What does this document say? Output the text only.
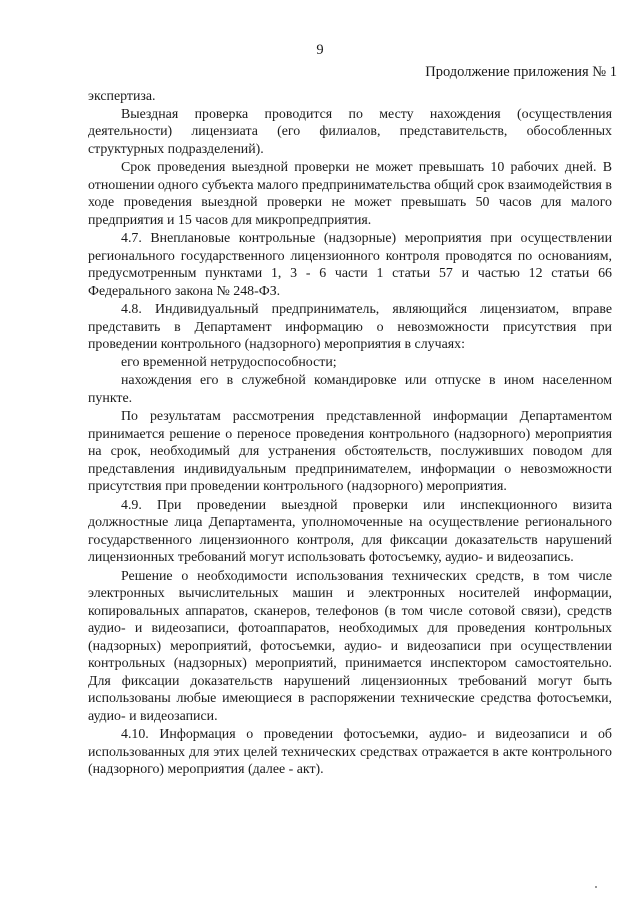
9
Продолжение приложения № 1

экспертиза.

Выездная проверка проводится по месту нахождения (осуществления деятельности) лицензиата (его филиалов, представительств, обособленных структурных подразделений).

Срок проведения выездной проверки не может превышать 10 рабочих дней. В отношении одного субъекта малого предпринимательства общий срок взаимодействия в ходе проведения выездной проверки не может превышать 50 часов для малого предприятия и 15 часов для микропредприятия.

4.7. Внеплановые контрольные (надзорные) мероприятия при осуществлении регионального государственного лицензионного контроля проводятся по основаниям, предусмотренным пунктами 1, 3 - 6 части 1 статьи 57 и частью 12 статьи 66 Федерального закона № 248-ФЗ.

4.8. Индивидуальный предприниматель, являющийся лицензиатом, вправе представить в Департамент информацию о невозможности присутствия при проведении контрольного (надзорного) мероприятия в случаях:

его временной нетрудоспособности;

нахождения его в служебной командировке или отпуске в ином населенном пункте.

По результатам рассмотрения представленной информации Департаментом принимается решение о переносе проведения контрольного (надзорного) мероприятия на срок, необходимый для устранения обстоятельств, послуживших поводом для представления индивидуальным предпринимателем, информации о невозможности присутствия при проведении контрольного (надзорного) мероприятия.

4.9. При проведении выездной проверки или инспекционного визита должностные лица Департамента, уполномоченные на осуществление регионального государственного лицензионного контроля, для фиксации доказательств нарушений лицензионных требований могут использовать фотосъемку, аудио- и видеозапись.

Решение о необходимости использования технических средств, в том числе электронных вычислительных машин и электронных носителей информации, копировальных аппаратов, сканеров, телефонов (в том числе сотовой связи), средств аудио- и видеозаписи, фотоаппаратов, необходимых для проведения контрольных (надзорных) мероприятий, фотосъемки, аудио- и видеозаписи при осуществлении контрольных (надзорных) мероприятий, принимается инспектором самостоятельно. Для фиксации доказательств нарушений лицензионных требований могут быть использованы любые имеющиеся в распоряжении технические средства фотосъемки, аудио- и видеозаписи.

4.10. Информация о проведении фотосъемки, аудио- и видеозаписи и об использованных для этих целей технических средствах отражается в акте контрольного (надзорного) мероприятия (далее - акт).
